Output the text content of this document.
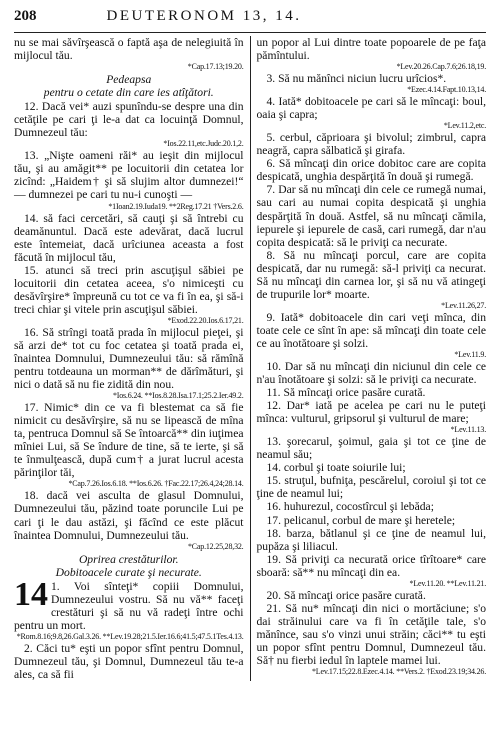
208	DEUTERONOM 13, 14.

nu se mai săvîrşească o faptă aşa de nelegiuită în mijlocul tău.

*Cap.17.13;19.20.

Pedeapsa
pentru o cetate din care ies atîţători.

12. Dacă vei* auzi spunîndu-se despre una din cetăţile pe cari ţi le-a dat ca locuinţă Domnul, Dumnezeul tău:

*Ios.22.11,etc.Judc.20.1,2.

13. „Nişte oameni răi* au ieşit din mijlocul tău, şi au amăgit** pe locuitorii din cetatea lor zicînd: „Haidem† şi să slujim altor dumnezei!“ — dumnezei pe cari tu nu-i cunoşti —

*1Ioan2.19.Iuda19. **2Reg.17.21 †Vers.2.6.

14. să faci cercetări, să cauţi şi să întrebi cu deamănuntul. Dacă este adevărat, dacă lucrul este întemeiat, dacă urîciunea aceasta a fost făcută în mijlocul tău,

15. atunci să treci prin ascuţişul săbiei pe locuitorii din cetatea aceea, s'o nimiceşti cu desăvîrşire* împreună cu tot ce va fi în ea, şi să-i treci chiar şi vitele prin ascuţişul săbiei.

*Exod.22.20.Ios.6.17,21.

16. Să strîngi toată prada în mijlocul pieţei, şi să arzi de* tot cu foc cetatea şi toată prada ei, înaintea Domnului, Dumnezeului tău: să rămînă pentru totdeauna un morman** de dărîmături, şi nici o dată să nu fie zidită din nou.

*Ios.6.24. **Ios.8.28.Isa.17.1;25.2.Ier.49.2.

17. Nimic* din ce va fi blestemat ca să fie nimicit cu desăvîrşire, să nu se lipească de mîna ta, pentruca Domnul să Se întoarcă** din iuţimea mîniei Lui, să Se îndure de tine, să te ierte, şi să te înmulţească, după cum† a jurat lucrul acesta părinţilor tăi,

*Cap.7.26.Ios.6.18. **Ios.6.26. †Fac.22.17;26.4,24;28.14.

18. dacă vei asculta de glasul Domnului, Dumnezeului tău, păzind toate poruncile Lui pe cari ţi le dau astăzi, şi făcînd ce este plăcut înaintea Domnului, Dumnezeului tău.

*Cap.12.25,28,32.

Oprirea crestăturilor.
Dobitoacele curate şi necurate.

14 1. Voi sînteţi* copiii Domnului, Dumnezeului vostru. Să nu vă** faceţi crestături şi să nu vă radeţi între ochi pentru un mort.

*Rom.8.16;9.8,26.Gal.3.26. **Lev.19.28;21.5.Ier.16.6;41.5;47.5.1Tes.4.13.

2. Căci tu* eşti un popor sfînt pentru Domnul, Dumnezeul tău, şi Domnul, Dumnezeul tău te-a ales, ca să fii

un popor al Lui dintre toate popoarele de pe faţa pămîntului.

*Lev.20.26.Cap.7.6;26.18,19.

3. Să nu mănînci niciun lucru urîcios*.

*Ezec.4.14.Fapt.10.13,14.

4. Iată* dobitoacele pe cari să le mîncaţi: boul, oaia şi capra;

*Lev.11.2,etc.

5. cerbul, căprioara şi bivolul; zimbrul, capra neagră, capra sălbatică şi girafa.

6. Să mîncaţi din orice dobitoc care are copita despicată, unghia despărţită în două şi rumegă.

7. Dar să nu mîncaţi din cele ce rumegă numai, sau cari au numai copita despicată şi unghia despărţită în două. Astfel, să nu mîncaţi cămila, iepurele şi iepurele de casă, cari rumegă, dar n'au copita despicată: să le priviţi ca necurate.

8. Să nu mîncaţi porcul, care are copita despicată, dar nu rumegă: să-l priviţi ca necurat. Să nu mîncaţi din carnea lor, şi să nu vă atingeţi de trupurile lor* moarte.

*Lev.11.26,27.

9. Iată* dobitoacele din cari veţi mînca, din toate cele ce sînt în ape: să mîncaţi din toate cele ce au înotătoare şi solzi.

*Lev.11.9.

10. Dar să nu mîncaţi din niciunul din cele ce n'au înotătoare şi solzi: să le priviţi ca necurate.

11. Să mîncaţi orice pasăre curată.

12. Dar* iată pe acelea pe cari nu le puteţi mînca: vulturul, gripsorul şi vulturul de mare;

*Lev.11.13.

13. şorecarul, şoimul, gaia şi tot ce ţine de neamul său;

14. corbul şi toate soiurile lui;

15. struţul, bufniţa, pescărelul, coroiul şi tot ce ţine de neamul lui;

16. huhurezul, cocostîrcul şi lebăda;

17. pelicanul, corbul de mare şi heretele;

18. barza, bătlanul şi ce ţine de neamul lui, pupăza şi liliacul.

19. Să priviţi ca necurată orice tîrîtoare* care sboară: să** nu mîncaţi din ea.

*Lev.11.20. **Lev.11.21.

20. Să mîncaţi orice pasăre curată.

21. Să nu* mîncaţi din nici o mortăciune; s'o dai străinului care va fi în cetăţile tale, s'o mănînce, sau s'o vinzi unui străin; căci** tu eşti un popor sfînt pentru Domnul, Dumnezeul tău. Să† nu fierbi iedul în laptele mamei lui.

*Lev.17.15;22.8.Ezec.4.14. **Vers.2. †Exod.23.19;34.26.
